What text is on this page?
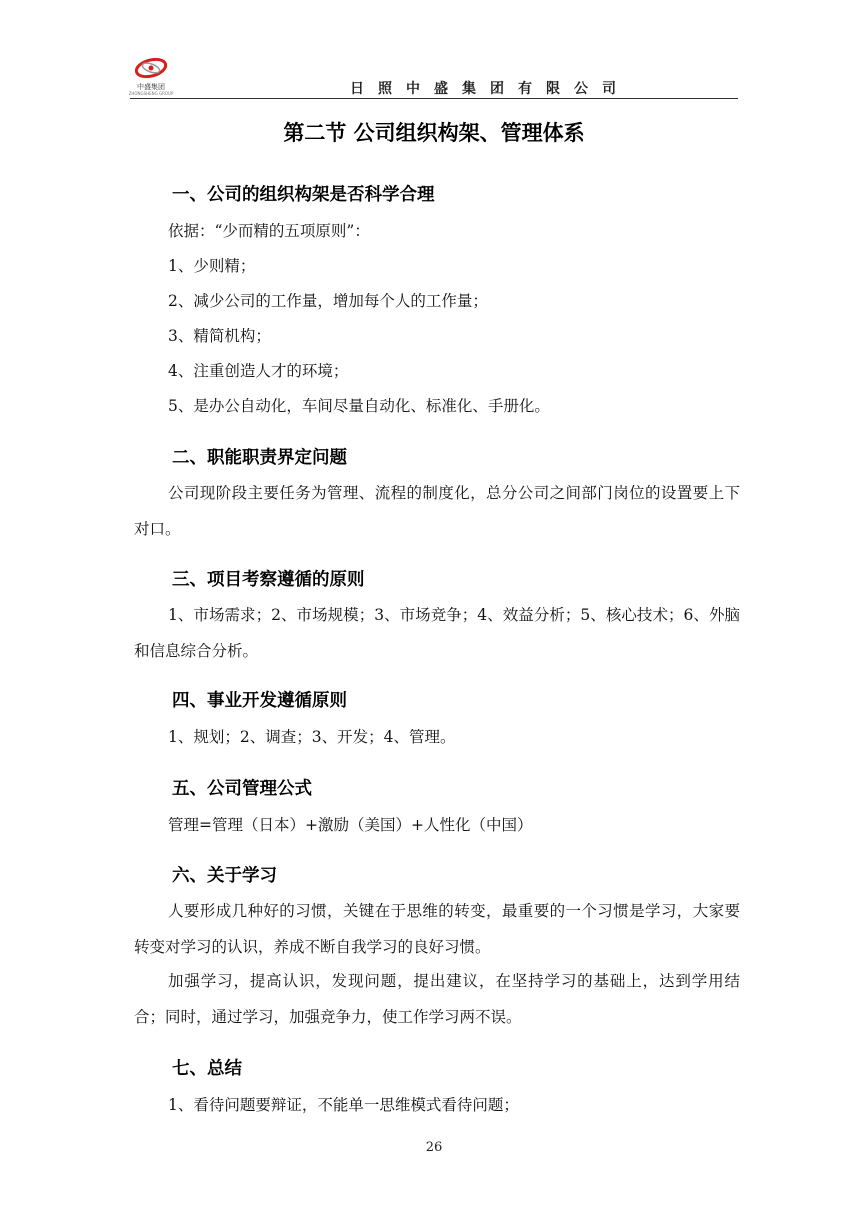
中盛集团
ZHONGSHENG GROUP	日照中盛集团有限公司
第二节 公司组织构架、管理体系
一、公司的组织构架是否科学合理
依据：“少而精的五项原则”：
1、少则精；
2、减少公司的工作量，增加每个人的工作量；
3、精简机构；
4、注重创造人才的环境；
5、是办公自动化，车间尽量自动化、标准化、手册化。
二、职能职责界定问题
公司现阶段主要任务为管理、流程的制度化，总分公司之间部门岗位的设置要上下对口。
三、项目考察遵循的原则
1、市场需求；2、市场规模；3、市场竞争；4、效益分析；5、核心技术；6、外脑和信息综合分析。
四、事业开发遵循原则
1、规划；2、调查；3、开发；4、管理。
五、公司管理公式
管理=管理（日本）+激励（美国）+人性化（中国）
六、关于学习
人要形成几种好的习惯，关键在于思维的转变，最重要的一个习惯是学习，大家要转变对学习的认识，养成不断自我学习的良好习惯。
加强学习，提高认识，发现问题，提出建议，在坚持学习的基础上，达到学用结合；同时，通过学习，加强竞争力，使工作学习两不误。
七、总结
1、看待问题要辩证，不能单一思维模式看待问题；
26
